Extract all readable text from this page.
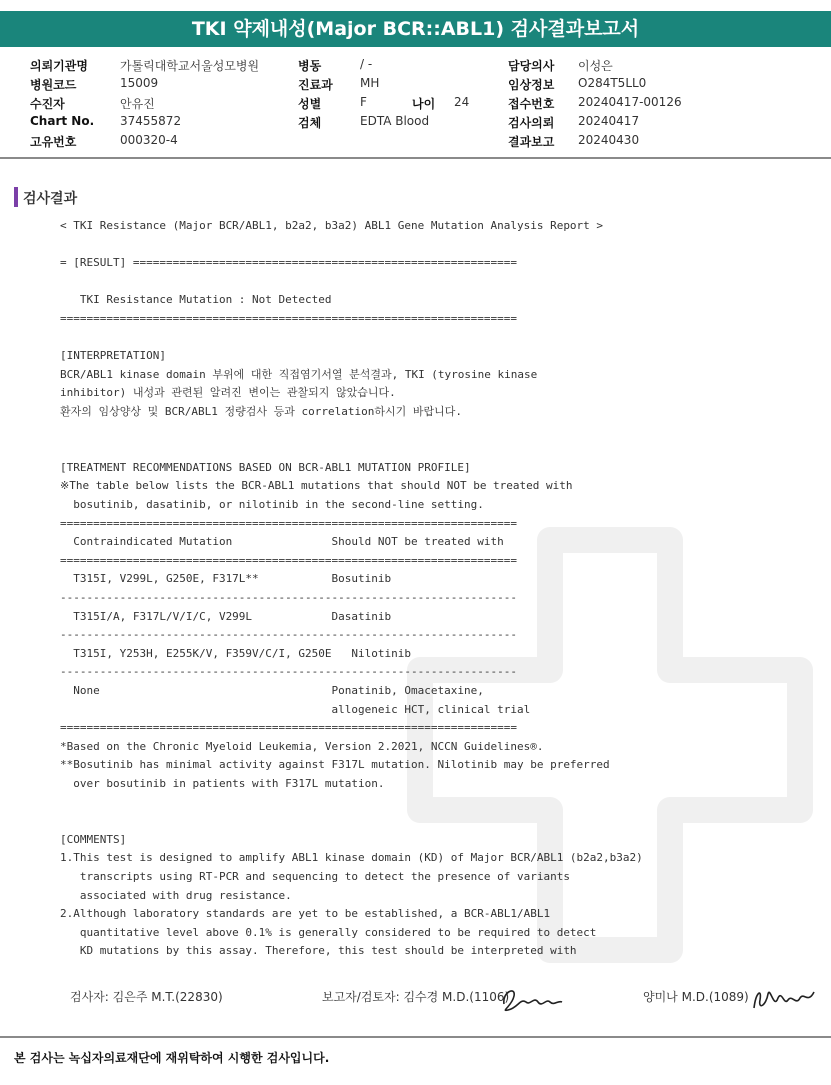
TKI 약제내성(Major BCR::ABL1) 검사결과보고서
의뢰기관명	가톨릭대학교서울성모병원	병동	/ -	담당의사 이성은
병원코드	15009	진료과 MH	임상정보 O284T5LL0
수진자	안유진	성별	F	나이 24	접수번호 20240417-00126
Chart No. 37455872	검체	EDTA Blood	검사의뢰 20240417
고유번호	000320-4	결과보고 20240430
검사결과
< TKI Resistance (Major BCR/ABL1, b2a2, b3a2) ABL1 Gene Mutation Analysis Report >
= [RESULT] ==========================================================
TKI Resistance Mutation : Not Detected
=====================================================================
[INTERPRETATION]
BCR/ABL1 kinase domain 부위에 대한 직접염기서열 분석결과, TKI (tyrosine kinase
inhibitor) 내성과 관련된 알려진 변이는 관찰되지 않았습니다.
환자의 임상양상 및 BCR/ABL1 정량검사 등과 correlation하시기 바랍니다.
[TREATMENT RECOMMENDATIONS BASED ON BCR-ABL1 MUTATION PROFILE]
※The table below lists the BCR-ABL1 mutations that should NOT be treated with
bosutinib, dasatinib, or nilotinib in the second-line setting.
=====================================================================
Contraindicated Mutation               Should NOT be treated with
=====================================================================
T315I, V299L, G250E, F317L**           Bosutinib
---------------------------------------------------------------------
T315I/A, F317L/V/I/C, V299L            Dasatinib
---------------------------------------------------------------------
T315I, Y253H, E255K/V, F359V/C/I, G250E   Nilotinib
---------------------------------------------------------------------
None                                   Ponatinib, Omacetaxine,
allogeneic HCT, clinical trial
=====================================================================
*Based on the Chronic Myeloid Leukemia, Version 2.2021, NCCN Guidelines®.
**Bosutinib has minimal activity against F317L mutation. Nilotinib may be preferred
over bosutinib in patients with F317L mutation.
[COMMENTS]
1.This test is designed to amplify ABL1 kinase domain (KD) of Major BCR/ABL1 (b2a2,b3a2)
transcripts using RT-PCR and sequencing to detect the presence of variants
associated with drug resistance.
2.Although laboratory standards are yet to be established, a BCR-ABL1/ABL1
quantitative level above 0.1% is generally considered to be required to detect
KD mutations by this assay. Therefore, this test should be interpreted with
검사자: 김은주 M.T.(22830)	보고자/검토자: 김수경 M.D.(1106)	양미나 M.D.(1089)
본 검사는 녹십자의료재단에 재위탁하여 시행한 검사입니다.
